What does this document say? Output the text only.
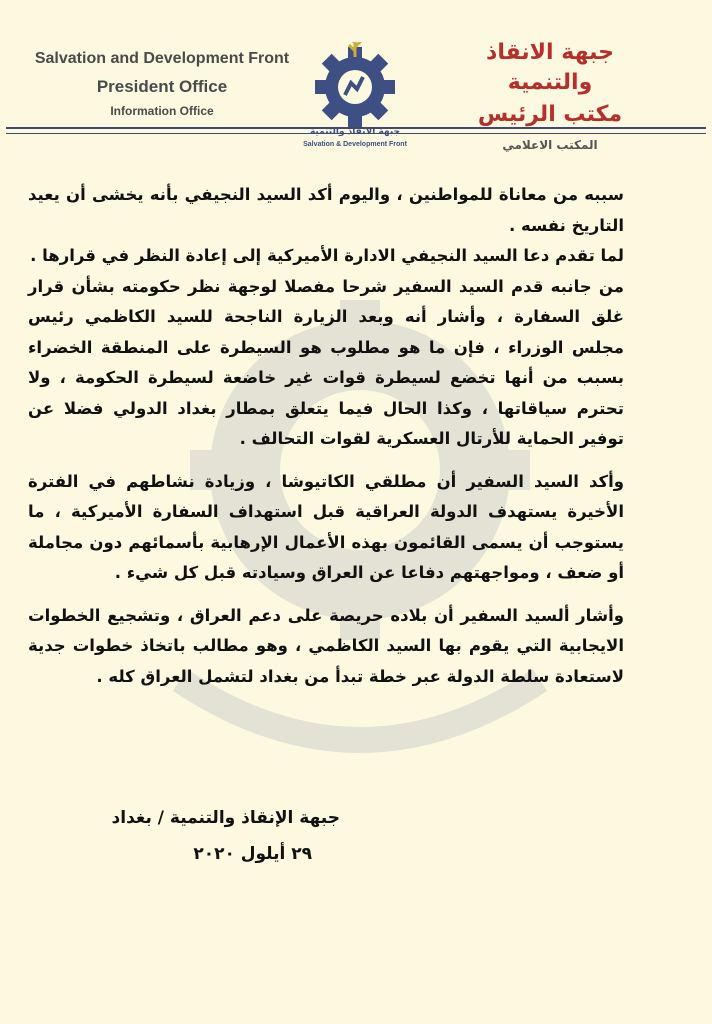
Salvation and Development Front
President Office
Information Office
جبهة الانقاذ والتنمية
Salvation & Development Front
جبهة الانقاذ والتنمية
مكتب الرئيس
المكتب الاعلامي

سببه من معاناة للمواطنين ، واليوم أكد السيد النجيفي بأنه يخشى أن يعيد التاريخ نفسه .

لما تقدم دعا السيد النجيفي الادارة الأميركية إلى إعادة النظر في قرارها .

من جانبه قدم السيد السفير شرحا مفصلا لوجهة نظر حكومته بشأن قرار غلق السفارة ، وأشار أنه وبعد الزيارة الناجحة للسيد الكاظمي رئيس مجلس الوزراء ، فإن ما هو مطلوب هو السيطرة على المنطقة الخضراء بسبب من أنها تخضع لسيطرة قوات غير خاضعة لسيطرة الحكومة ، ولا تحترم سياقاتها ، وكذا الحال فيما يتعلق بمطار بغداد الدولي فضلا عن توفير الحماية للأرتال العسكرية لقوات التحالف .

وأكد السيد السفير أن مطلقي الكاتيوشا ، وزيادة نشاطهم في الفترة الأخيرة يستهدف الدولة العراقية قبل استهداف السفارة الأميركية ، ما يستوجب أن يسمى القائمون بهذه الأعمال الإرهابية بأسمائهم دون مجاملة أو ضعف ، ومواجهتهم دفاعا عن العراق وسيادته قبل كل شيء .

وأشار ألسيد السفير أن بلاده حريصة على دعم العراق ، وتشجيع الخطوات الايجابية التي يقوم بها السيد الكاظمي ، وهو مطالب باتخاذ خطوات جدية لاستعادة سلطة الدولة عبر خطة تبدأ من بغداد لتشمل العراق كله .

جبهة الإنقاذ والتنمية / بغداد
٢٩ أيلول ٢٠٢٠
